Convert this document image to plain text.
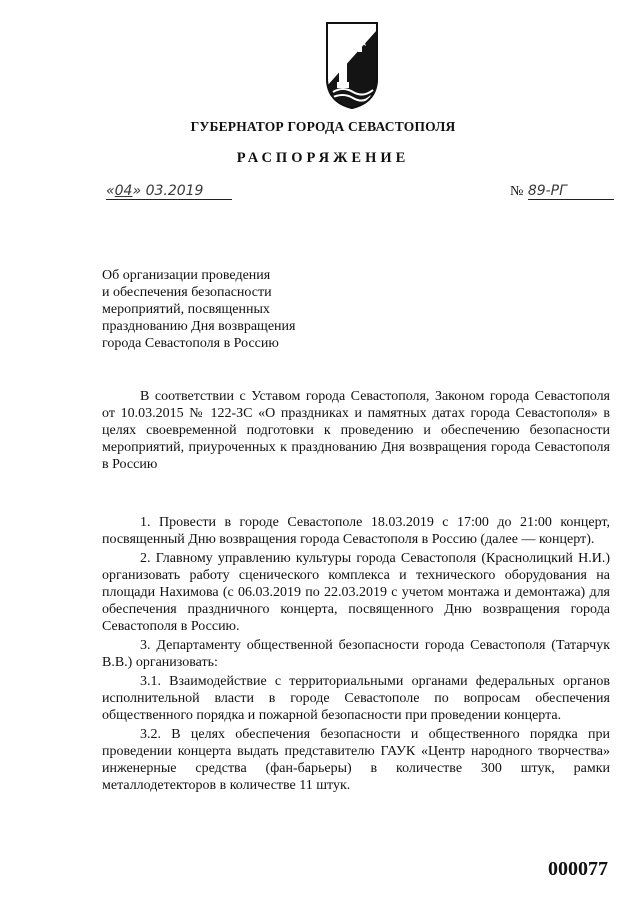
ГУБЕРНАТОР ГОРОДА СЕВАСТОПОЛЯ
РАСПОРЯЖЕНИЕ
«04» 03.2019	№ 89-РГ
Об организации проведения
и обеспечения безопасности
мероприятий, посвященных
празднованию Дня возвращения
города Севастополя в Россию

В соответствии с Уставом города Севастополя, Законом города Севастополя от 10.03.2015 № 122-ЗС «О праздниках и памятных датах города Севастополя» в целях своевременной подготовки к проведению и обеспечению безопасности мероприятий, приуроченных к празднованию Дня возвращения города Севастополя в Россию

1. Провести в городе Севастополе 18.03.2019 с 17:00 до 21:00 концерт, посвященный Дню возвращения города Севастополя в Россию (далее — концерт).

2. Главному управлению культуры города Севастополя (Краснолицкий Н.И.) организовать работу сценического комплекса и технического оборудования на площади Нахимова (с 06.03.2019 по 22.03.2019 с учетом монтажа и демонтажа) для обеспечения праздничного концерта, посвященного Дню возвращения города Севастополя в Россию.

3. Департаменту общественной безопасности города Севастополя (Татарчук В.В.) организовать:

3.1. Взаимодействие с территориальными органами федеральных органов исполнительной власти в городе Севастополе по вопросам обеспечения общественного порядка и пожарной безопасности при проведении концерта.

3.2. В целях обеспечения безопасности и общественного порядка при проведении концерта выдать представителю ГАУК «Центр народного творчества» инженерные средства (фан-барьеры) в количестве 300 штук, рамки металлодетекторов в количестве 11 штук.

000077
